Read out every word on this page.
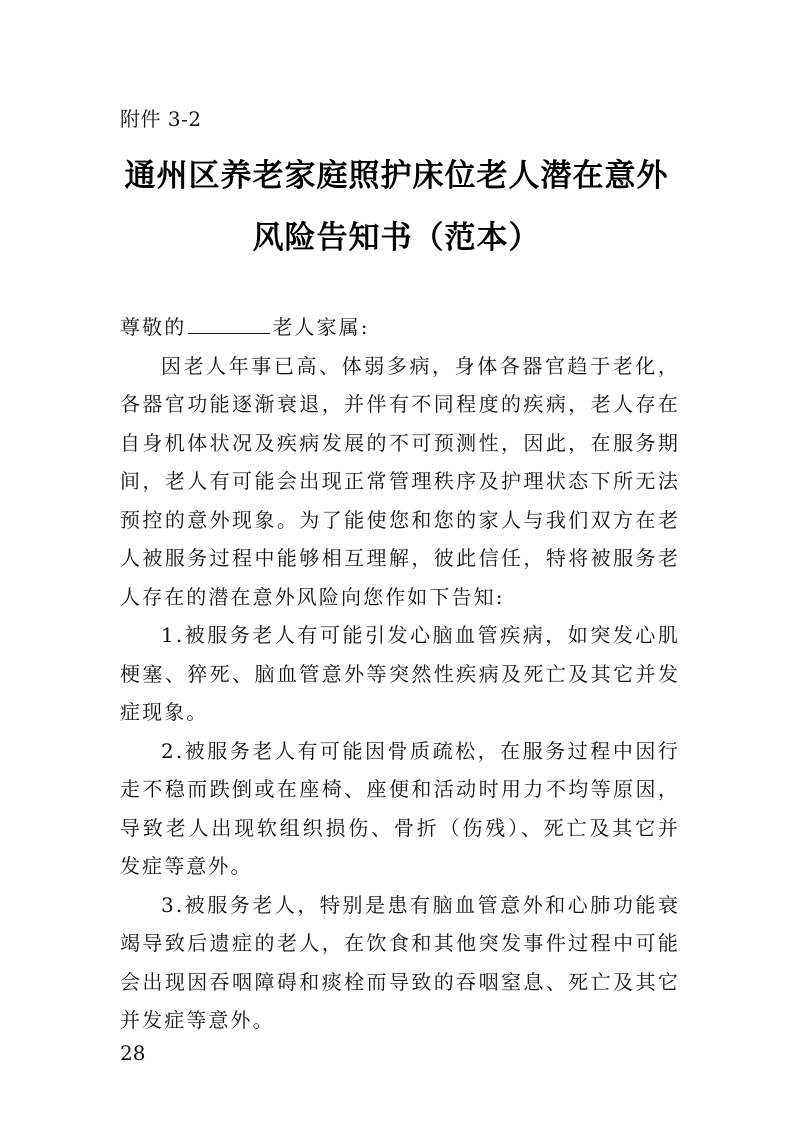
附件 3-2
通州区养老家庭照护床位老人潜在意外
风险告知书（范本）

尊敬的	老人家属:

因老人年事已高、体弱多病，身体各器官趋于老化，各器官功能逐渐衰退，并伴有不同程度的疾病，老人存在自身机体状况及疾病发展的不可预测性，因此，在服务期间，老人有可能会出现正常管理秩序及护理状态下所无法预控的意外现象。为了能使您和您的家人与我们双方在老人被服务过程中能够相互理解，彼此信任，特将被服务老人存在的潜在意外风险向您作如下告知:

1.被服务老人有可能引发心脑血管疾病，如突发心肌梗塞、猝死、脑血管意外等突然性疾病及死亡及其它并发症现象。

2.被服务老人有可能因骨质疏松，在服务过程中因行走不稳而跌倒或在座椅、座便和活动时用力不均等原因，导致老人出现软组织损伤、骨折（伤残）、死亡及其它并发症等意外。

3.被服务老人，特别是患有脑血管意外和心肺功能衰竭导致后遗症的老人，在饮食和其他突发事件过程中可能会出现因吞咽障碍和痰栓而导致的吞咽窒息、死亡及其它并发症等意外。

28
